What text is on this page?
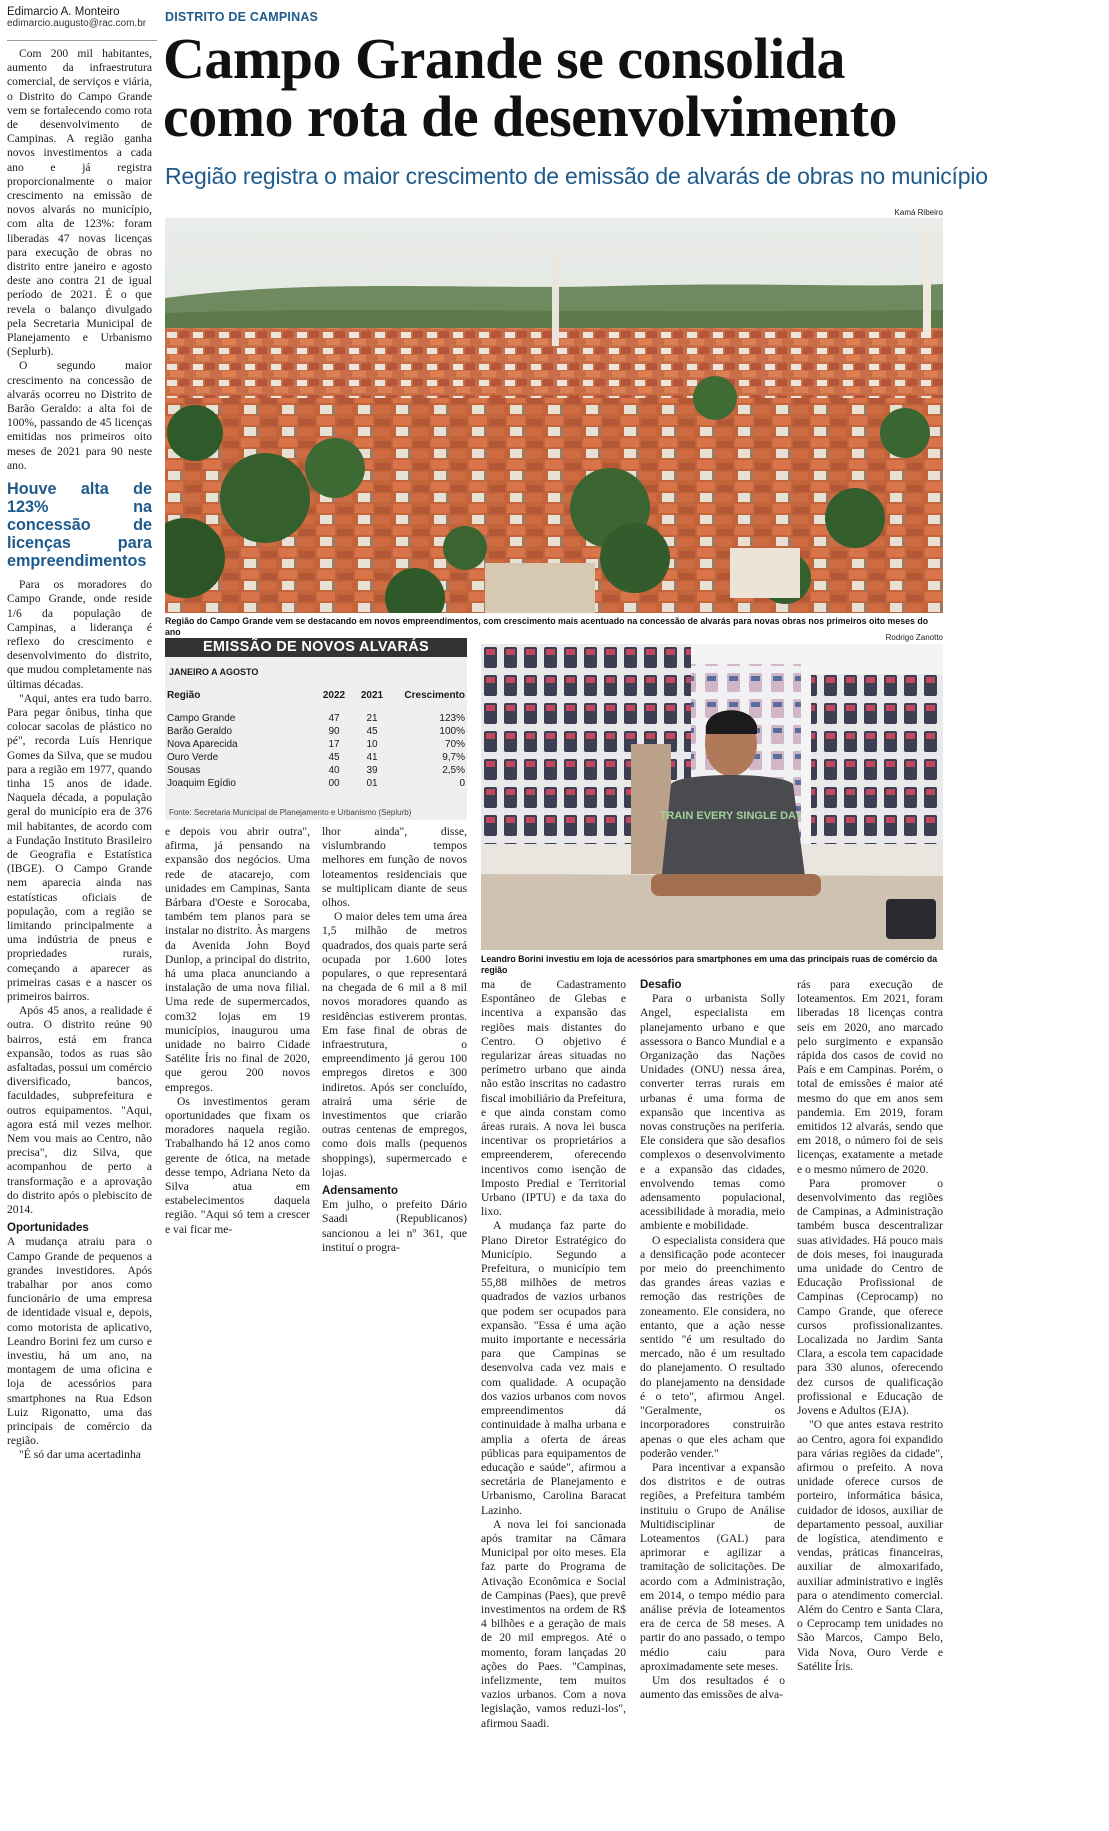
Edimarcio A. Monteiro
edimarcio.augusto@rac.com.br	DISTRITO DE CAMPINAS
Campo Grande se consolida
como rota de desenvolvimento
Região registra o maior crescimento de emissão de alvarás de obras no município

Com 200 mil habitantes, aumento da infraestrutura comercial, de serviços e viária, o Distrito do Campo Grande vem se fortalecendo como rota de desenvolvimento de Campinas. A região ganha novos investimentos a cada ano e já registra proporcionalmente o maior crescimento na emissão de novos alvarás no município, com alta de 123%: foram liberadas 47 novas licenças para execução de obras no distrito entre janeiro e agosto deste ano contra 21 de igual período de 2021. É o que revela o balanço divulgado pela Secretaria Municipal de Planejamento e Urbanismo (Seplurb).

O segundo maior crescimento na concessão de alvarás ocorreu no Distrito de Barão Geraldo: a alta foi de 100%, passando de 45 licenças emitidas nos primeiros oito meses de 2021 para 90 neste ano.

Houve alta de 123% na concessão de licenças para empreendimentos

Para os moradores do Campo Grande, onde reside 1/6 da população de Campinas, a liderança é reflexo do crescimento e desenvolvimento do distrito, que mudou completamente nas últimas décadas.

"Aqui, antes era tudo barro. Para pegar ônibus, tinha que colocar sacolas de plástico no pé", recorda Luís Henrique Gomes da Silva, que se mudou para a região em 1977, quando tinha 15 anos de idade. Naquela década, a população geral do município era de 376 mil habitantes, de acordo com a Fundação Instituto Brasileiro de Geografia e Estatística (IBGE). O Campo Grande nem aparecia ainda nas estatísticas oficiais de população, com a região se limitando principalmente a uma indústria de pneus e propriedades rurais, começando a aparecer as primeiras casas e a nascer os primeiros bairros.

Após 45 anos, a realidade é outra. O distrito reúne 90 bairros, está em franca expansão, todos as ruas são asfaltadas, possui um comércio diversificado, bancos, faculdades, subprefeitura e outros equipamentos. "Aqui, agora está mil vezes melhor. Nem vou mais ao Centro, não precisa", diz Silva, que acompanhou de perto a transformação e a aprovação do distrito após o plebiscito de 2014.

Oportunidades

A mudança atraiu para o Campo Grande de pequenos a grandes investidores. Após trabalhar por anos como funcionário de uma empresa de identidade visual e, depois, como motorista de aplicativo, Leandro Borini fez um curso e investiu, há um ano, na montagem de uma oficina e loja de acessórios para smartphones na Rua Edson Luiz Rigonatto, uma das principais de comércio da região.

"É só dar uma acertadinha

Kamá Ribeiro
Região do Campo Grande vem se destacando em novos empreendimentos, com crescimento mais acentuado na concessão de alvarás para novas obras nos primeiros oito meses do ano
EMISSÃO DE NOVOS ALVARÁS
JANEIRO A AGOSTO
Região	2022	2021	Crescimento

Campo Grande	47	21	123%
Barão Geraldo	90	45	100%
Nova Aparecida	17	10	70%
Ouro Verde	45	41	9,7%
Sousas	40	39	2,5%
Joaquim Egídio	00	01	0
Fonte: Secretaria Municipal de Planejamento e Urbanismo (Seplurb)
Rodrigo Zanotto
TRAIN EVERY SINGLE DAY
Leandro Borini investiu em loja de acessórios para smartphones em uma das principais ruas de comércio da região

e depois vou abrir outra", afirma, já pensando na expansão dos negócios. Uma rede de atacarejo, com unidades em Campinas, Santa Bárbara d'Oeste e Sorocaba, também tem planos para se instalar no distrito. Às margens da Avenida John Boyd Dunlop, a principal do distrito, há uma placa anunciando a instalação de uma nova filial. Uma rede de supermercados, com32 lojas em 19 municípios, inaugurou uma unidade no bairro Cidade Satélite Íris no final de 2020, que gerou 200 novos empregos.

Os investimentos geram oportunidades que fixam os moradores naquela região. Trabalhando há 12 anos como gerente de ótica, na metade desse tempo, Adriana Neto da Silva atua em estabelecimentos daquela região. "Aqui só tem a crescer e vai ficar me-

lhor ainda", disse, vislumbrando tempos melhores em função de novos loteamentos residenciais que se multiplicam diante de seus olhos.

O maior deles tem uma área 1,5 milhão de metros quadrados, dos quais parte será ocupada por 1.600 lotes populares, o que representará na chegada de 6 mil a 8 mil novos moradores quando as residências estiverem prontas. Em fase final de obras de infraestrutura, o empreendimento já gerou 100 empregos diretos e 300 indiretos. Após ser concluído, atrairá uma série de investimentos que criarão outras centenas de empregos, como dois malls (pequenos shoppings), supermercado e lojas.

Adensamento

Em julho, o prefeito Dário Saadi (Republicanos) sancionou a lei nº 361, que instituí o progra-

ma de Cadastramento Espontâneo de Glebas e incentiva a expansão das regiões mais distantes do Centro. O objetivo é regularizar áreas situadas no perímetro urbano que ainda não estão inscritas no cadastro fiscal imobiliário da Prefeitura, e que ainda constam como áreas rurais. A nova lei busca incentivar os proprietários a empreenderem, oferecendo incentivos como isenção de Imposto Predial e Territorial Urbano (IPTU) e da taxa do lixo.

A mudança faz parte do Plano Diretor Estratégico do Município. Segundo a Prefeitura, o município tem 55,88 milhões de metros quadrados de vazios urbanos que podem ser ocupados para expansão. "Essa é uma ação muito importante e necessária para que Campinas se desenvolva cada vez mais e com qualidade. A ocupação dos vazios urbanos com novos empreendimentos dá continuidade à malha urbana e amplia a oferta de áreas públicas para equipamentos de educação e saúde", afirmou a secretária de Planejamento e Urbanismo, Carolina Baracat Lazinho.

A nova lei foi sancionada após tramitar na Câmara Municipal por oito meses. Ela faz parte do Programa de Ativação Econômica e Social de Campinas (Paes), que prevê investimentos na ordem de R$ 4 bilhões e a geração de mais de 20 mil empregos. Até o momento, foram lançadas 20 ações do Paes. "Campinas, infelizmente, tem muitos vazios urbanos. Com a nova legislação, vamos reduzi-los", afirmou Saadi.

Desafio

Para o urbanista Solly Angel, especialista em planejamento urbano e que assessora o Banco Mundial e a Organização das Nações Unidades (ONU) nessa área, converter terras rurais em urbanas é uma forma de expansão que incentiva as novas construções na periferia. Ele considera que são desafios complexos o desenvolvimento e a expansão das cidades, envolvendo temas como adensamento populacional, acessibilidade à moradia, meio ambiente e mobilidade.

O especialista considera que a densificação pode acontecer por meio do preenchimento das grandes áreas vazias e remoção das restrições de zoneamento. Ele considera, no entanto, que a ação nesse sentido "é um resultado do mercado, não é um resultado do planejamento. O resultado do planejamento na densidade é o teto", afirmou Angel. "Geralmente, os incorporadores construirão apenas o que eles acham que poderão vender."

Para incentivar a expansão dos distritos e de outras regiões, a Prefeitura também instituiu o Grupo de Análise Multidisciplinar de Loteamentos (GAL) para aprimorar e agilizar a tramitação de solicitações. De acordo com a Administração, em 2014, o tempo médio para análise prévia de loteamentos era de cerca de 58 meses. A partir do ano passado, o tempo médio caiu para aproximadamente sete meses.

Um dos resultados é o aumento das emissões de alva-

rás para execução de loteamentos. Em 2021, foram liberadas 18 licenças contra seis em 2020, ano marcado pelo surgimento e expansão rápida dos casos de covid no País e em Campinas. Porém, o total de emissões é maior até mesmo do que em anos sem pandemia. Em 2019, foram emitidos 12 alvarás, sendo que em 2018, o número foi de seis licenças, exatamente a metade e o mesmo número de 2020.

Para promover o desenvolvimento das regiões de Campinas, a Administração também busca descentralizar suas atividades. Há pouco mais de dois meses, foi inaugurada uma unidade do Centro de Educação Profissional de Campinas (Ceprocamp) no Campo Grande, que oferece cursos profissionalizantes. Localizada no Jardim Santa Clara, a escola tem capacidade para 330 alunos, oferecendo dez cursos de qualificação profissional e Educação de Jovens e Adultos (EJA).

"O que antes estava restrito ao Centro, agora foi expandido para várias regiões da cidade", afirmou o prefeito. A nova unidade oferece cursos de porteiro, informática básica, cuidador de idosos, auxiliar de departamento pessoal, auxiliar de logística, atendimento e vendas, práticas financeiras, auxiliar de almoxarifado, auxiliar administrativo e inglês para o atendimento comercial. Além do Centro e Santa Clara, o Ceprocamp tem unidades no São Marcos, Campo Belo, Vida Nova, Ouro Verde e Satélite Íris.
